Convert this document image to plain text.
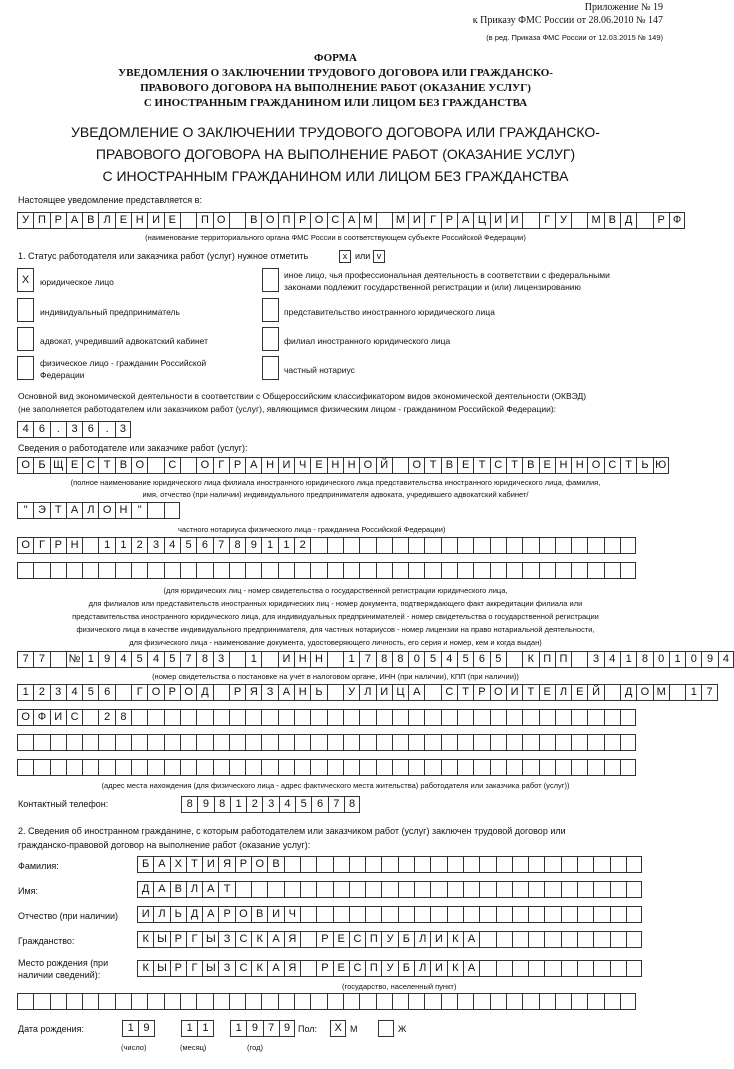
Приложение № 19
к Приказу ФМС России от 28.06.2010 № 147
(в ред. Приказа ФМС России от 12.03.2015 № 149)
ФОРМА
УВЕДОМЛЕНИЯ О ЗАКЛЮЧЕНИИ ТРУДОВОГО ДОГОВОРА ИЛИ ГРАЖДАНСКО-
ПРАВОВОГО ДОГОВОРА НА ВЫПОЛНЕНИЕ РАБОТ (ОКАЗАНИЕ УСЛУГ)
С ИНОСТРАННЫМ ГРАЖДАНИНОМ ИЛИ ЛИЦОМ БЕЗ ГРАЖДАНСТВА
УВЕДОМЛЕНИЕ О ЗАКЛЮЧЕНИИ ТРУДОВОГО ДОГОВОРА ИЛИ ГРАЖДАНСКО-
ПРАВОВОГО ДОГОВОРА НА ВЫПОЛНЕНИЕ РАБОТ (ОКАЗАНИЕ УСЛУГ)
С ИНОСТРАННЫМ ГРАЖДАНИНОМ ИЛИ ЛИЦОМ БЕЗ ГРАЖДАНСТВА
Настоящее уведомление представляется в:
У П Р А В Л Е Н И Е	П О	В О П Р О С А М	М И Г Р А Ц И И	Г У	М В Д	Р Ф
(наименование территориального органа ФМС России в соответствующем субъекте Российской Федерации)
1. Статус работодателя или заказчика работ (услуг) нужное отметить	x или v
X	юридическое лицо
индивидуальный предприниматель
адвокат, учредивший адвокатский кабинет
физическое лицо - гражданин Российской
Федерации
иное лицо, чья профессиональная деятельность в соответствии с федеральными
законами подлежит государственной регистрации и (или) лицензированию
представительство иностранного юридического лица
филиал иностранного юридического лица
частный нотариус
Основной вид экономической деятельности в соответствии с Общероссийским классификатором видов экономической деятельности (ОКВЭД)
(не заполняется работодателем или заказчиком работ (услуг), являющимся физическим лицом - гражданином Российской Федерации):
4 6	.	3 6	.	3
Сведения о работодателе или заказчике работ (услуг):
О Б Щ Е С Т В О	С	О Г Р А Н И Ч Е Н Н О Й	О Т В Е Т С Т В Е Н Н О С Т Ь Ю
(полное наименование юридического лица филиала иностранного юридического лица представительства иностранного юридического лица, фамилия,
имя, отчество (при наличии) индивидуального предпринимателя адвоката, учредившего адвокатский кабинет/
" Э Т А Л О Н "
частного нотариуса физического лица - гражданина Российской Федерации)
О Г Р Н	1 1 2 3 4 5 6 7 8 9 1 1 2
(для юридических лиц - номер свидетельства о государственной регистрации юридического лица,
для филиалов или представительств иностранных юридических лиц - номер документа, подтверждающего факт аккредитации филиала или
представительства иностранного юридического лица, для индивидуальных предпринимателей - номер свидетельства о государственной регистрации
физического лица в качестве индивидуального предпринимателя, для частных нотариусов - номер лицензии на право нотариальной деятельности,
для физического лица - наименование документа, удостоверяющего личность, его серия и номер, кем и когда выдан)
7 7	№ 1 9 4 5 4 5 7 8 3	1	И Н Н	1 7 8 8 0 5 4 5 6 5	К П П	3 4 1 8 0 1 0 9 4
(номер свидетельства о постановке на учет в налоговом органе, ИНН (при наличии), КПП (при наличии))
1 2 3 4 5 6	Г О Р О Д	Р Я З А Н Ь	У Л И Ц А	С Т Р О И Т Е Л Е Й	Д О М	1 7
О Ф И С	2 8
(адрес места нахождения (для физического лица - адрес фактического места жительства) работодателя или заказчика работ (услуг))
Контактный телефон:	8 9 8 1 2 3 4 5 6 7 8
2. Сведения об иностранном гражданине, с которым работодателем или заказчиком работ (услуг) заключен трудовой договор или
гражданско-правовой договор на выполнение работ (оказание услуг):
Фамилия:	Б А Х Т И Я Р О В
Имя:	Д А В Л А Т
Отчество (при наличии)	И Л Ь Д А Р О В И Ч
Гражданство:	К Ы Р Г Ы З С К А Я	Р Е С П У Б Л И К А
Место рождения (при
наличии сведений):
К Ы Р Г Ы З С К А Я	Р Е С П У Б Л И К А
(государство, населенный пункт)
Дата рождения:	1 9	1 1	1 9 7 9
(число)	(месяц)	(год)
Пол:	Х М	Ж
